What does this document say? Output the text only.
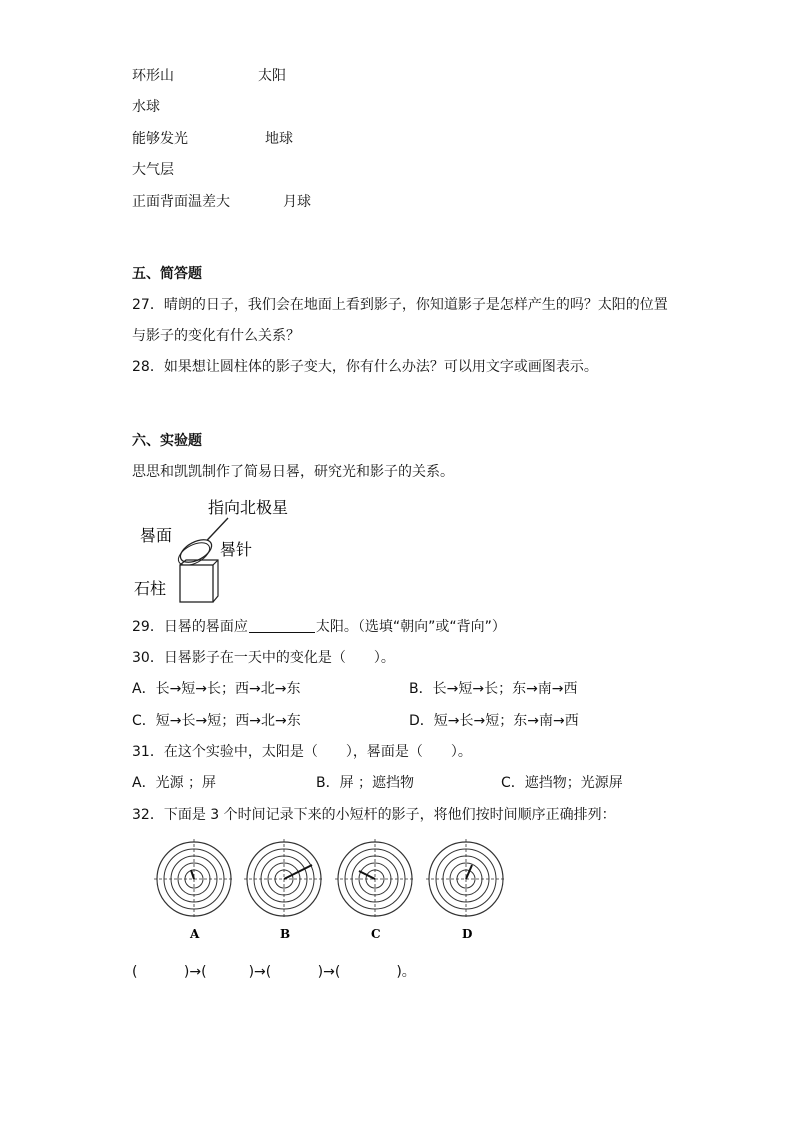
环形山	太阳
水球
能够发光	地球
大气层
正面背面温差大	月球
五、简答题
27．晴朗的日子，我们会在地面上看到影子，你知道影子是怎样产生的吗？太阳的位置
与影子的变化有什么关系？
28．如果想让圆柱体的影子变大，你有什么办法？可以用文字或画图表示。
六、实验题
思思和凯凯制作了简易日晷，研究光和影子的关系。
指向北极星
晷面
晷针
石柱
29．日晷的晷面应	太阳。（选填“朝向”或“背向”）
30．日晷影子在一天中的变化是（　　）。
A．长→短→长；西→北→东	B．长→短→长；东→南→西
C．短→长→短；西→北→东	D．短→长→短；东→南→西
31．在这个实验中，太阳是（　　），晷面是（　　）。
A．光源 ；屏	B．屏 ；遮挡物	C．遮挡物；光源屏
32．下面是 3 个时间记录下来的小短杆的影子，将他们按时间顺序正确排列：
A	B	C	D
(　　　 )→(　　　)→(　　　 )→(　　　　)。
